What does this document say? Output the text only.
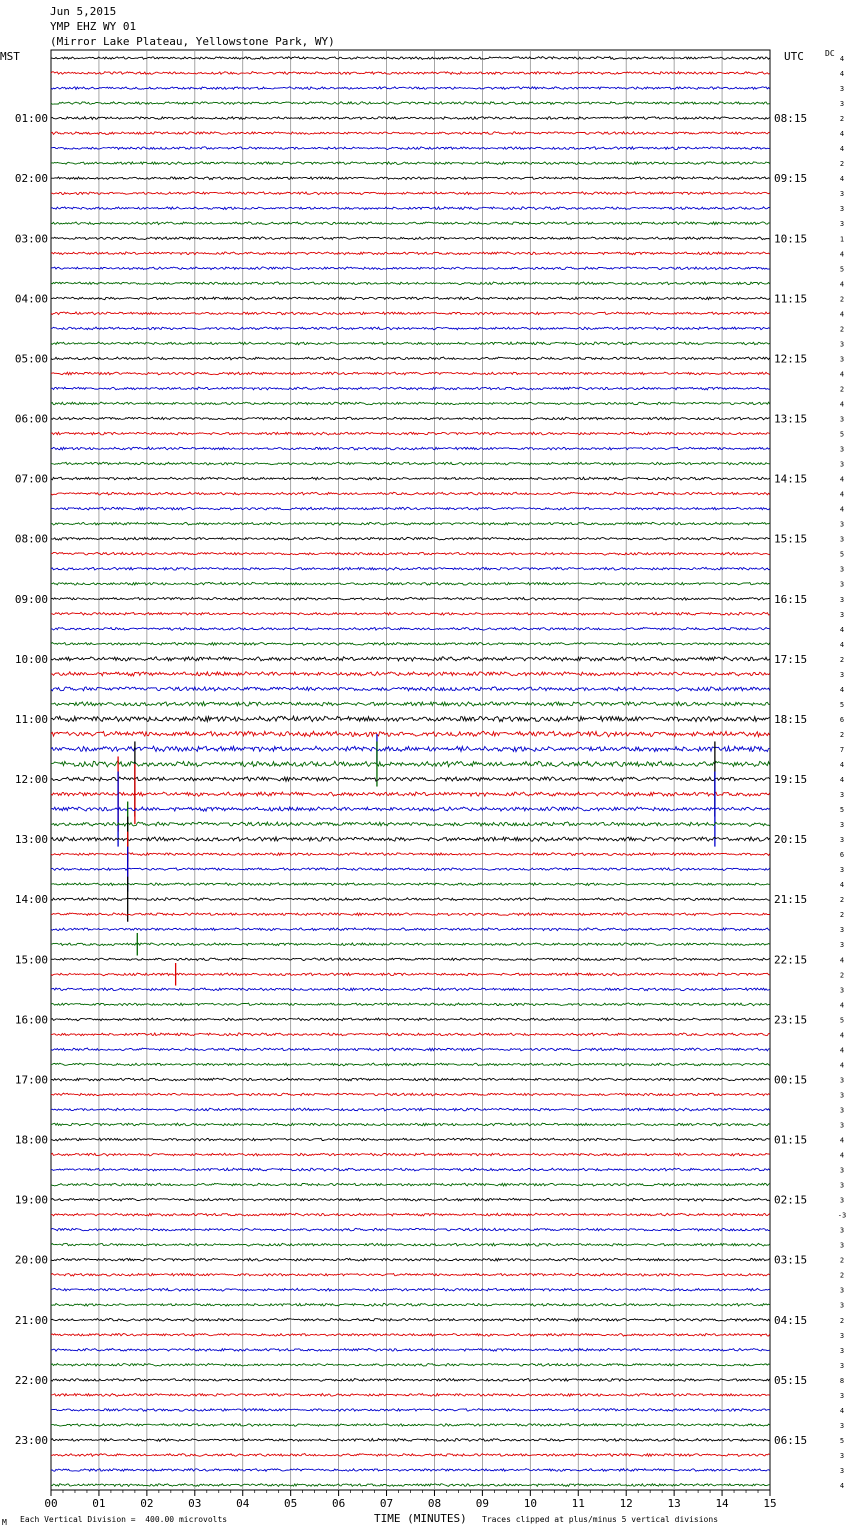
Jun 5,2015
YMP EHZ WY 01
(Mirror Lake Plateau, Yellowstone Park, WY)
00	01	02	03	04	05	06	07	08	09	10	11	12	13	14	15
4
4
3
3
2
01:00	08:15
4
4
2
4
02:00	09:15
3
3
3
1
03:00	10:15
4
5
4
2
04:00	11:15
4
2
3
3
05:00	12:15
4
2
4
3
06:00	13:15
5
3
3
4
07:00	14:15
4
4
3
3
08:00	15:15
5
3
3
3
09:00	16:15
3
4
4
2
10:00	17:15
3
4
5
6
11:00	18:15
2
7
4
4
12:00	19:15
3
5
3
3
13:00	20:15
6
3
4
2
14:00	21:15
2
3
3
4
15:00	22:15
2
3
4
5
16:00	23:15
4
4
4
3
17:00	00:15
3
3
3
4
18:00	01:15
4
3
3
3
19:00	02:15
-3
3
3
2
20:00	03:15
2
3
3
2
21:00	04:15
3
3
3
8
22:00	05:15
3
4
3
5
23:00	06:15
3
3
4
MST	UTC	DC
M Each Vertical Division =  400.00 microvolts	TIME (MINUTES) Traces clipped at plus/minus 5 vertical divisions
